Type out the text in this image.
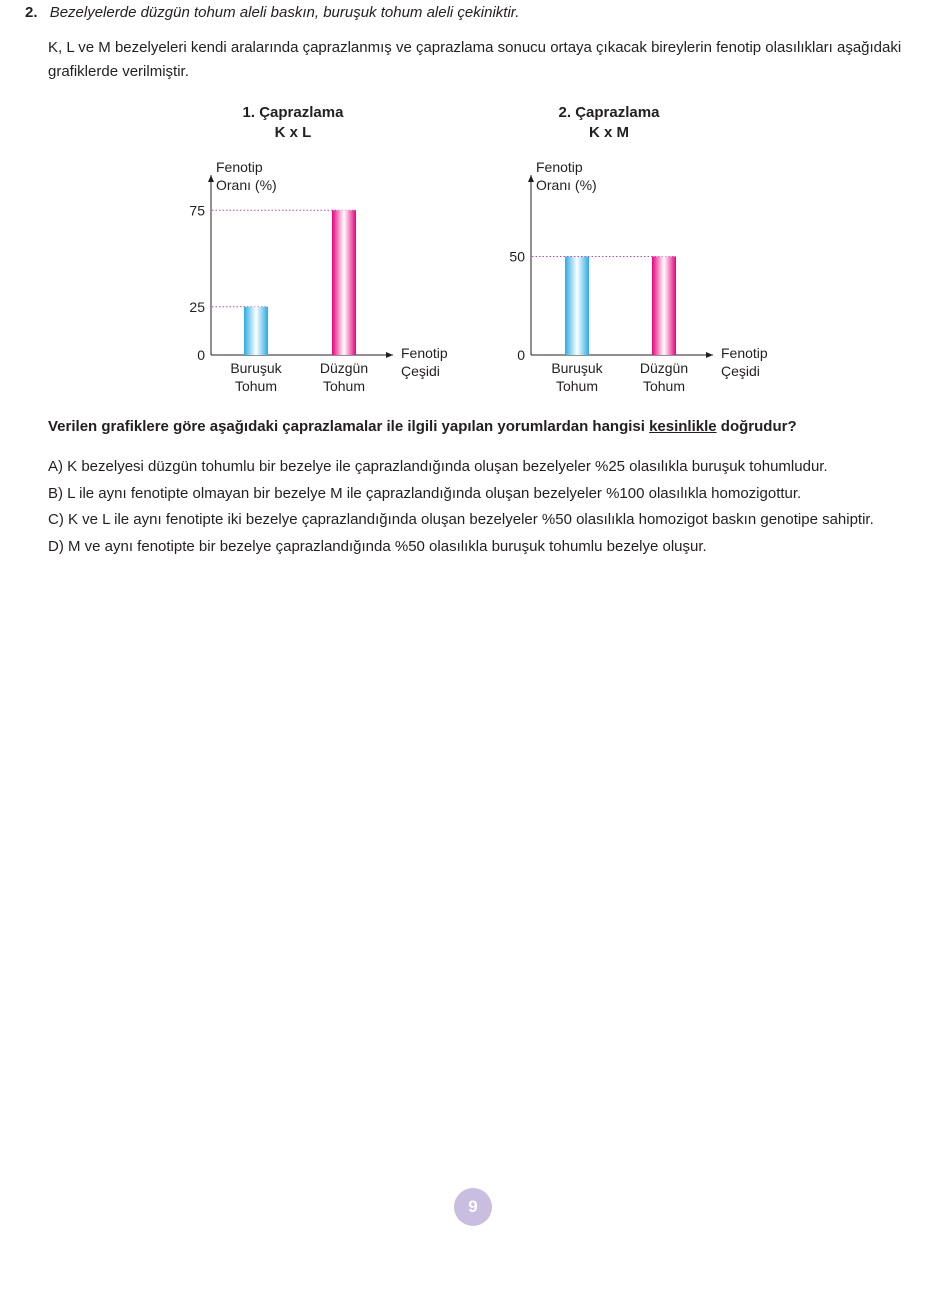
2. Bezelyelerde düzgün tohum aleli baskın, buruşuk tohum aleli çekiniktir.
K, L ve M bezelyeleri kendi aralarında çaprazlanmış ve çaprazlama sonucu ortaya çıkacak bireylerin fenotip olasılıkları aşağıdaki grafiklerde verilmiştir.
1. Çaprazlama
K x L
Fenotip
Oranı (%)
Fenotip
Çeşidi
0
25
75
Buruşuk
Tohum
Düzgün
Tohum
2. Çaprazlama
K x M
Fenotip
Oranı (%)
Fenotip
Çeşidi
0
50
Buruşuk
Tohum
Düzgün
Tohum
Verilen grafiklere göre aşağıdaki çaprazlamalar ile ilgili yapılan yorumlardan hangisi kesinlikle doğrudur?
A) K bezelyesi düzgün tohumlu bir bezelye ile çaprazlandığında oluşan bezelyeler %25 olasılıkla buruşuk tohumludur.
B) L ile aynı fenotipte olmayan bir bezelye M ile çaprazlandığında oluşan bezelyeler %100 olasılıkla homozigottur.
C) K ve L ile aynı fenotipte iki bezelye çaprazlandığında oluşan bezelyeler %50 olasılıkla homozigot baskın genotipe sahiptir.
D) M ve aynı fenotipte bir bezelye çaprazlandığında %50 olasılıkla buruşuk tohumlu bezelye oluşur.
9
